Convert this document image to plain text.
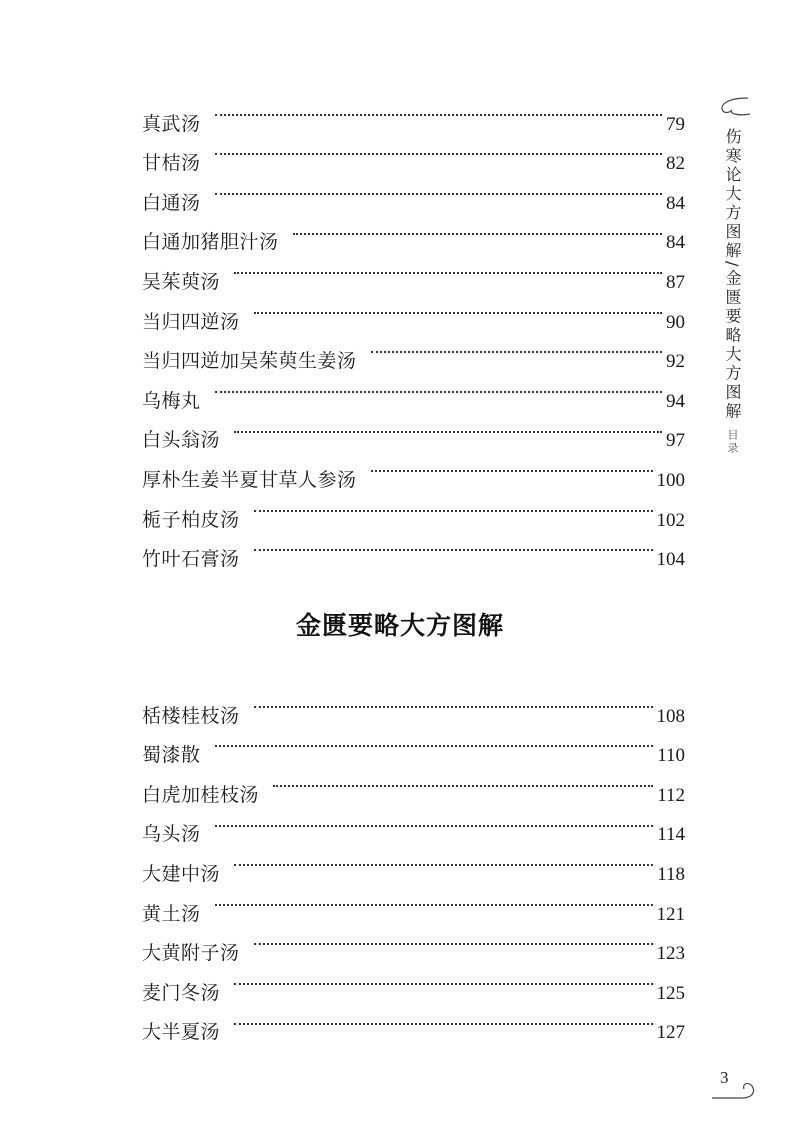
伤寒论大方图解/金匮要略大方图解
目录
真武汤	79
甘桔汤	82
白通汤	84
白通加猪胆汁汤	84
吴茱萸汤	87
当归四逆汤	90
当归四逆加吴茱萸生姜汤	92
乌梅丸	94
白头翁汤	97
厚朴生姜半夏甘草人参汤	100
栀子柏皮汤	102
竹叶石膏汤	104
金匮要略大方图解
栝楼桂枝汤	108
蜀漆散	110
白虎加桂枝汤	112
乌头汤	114
大建中汤	118
黄土汤	121
大黄附子汤	123
麦门冬汤	125
大半夏汤	127
3
